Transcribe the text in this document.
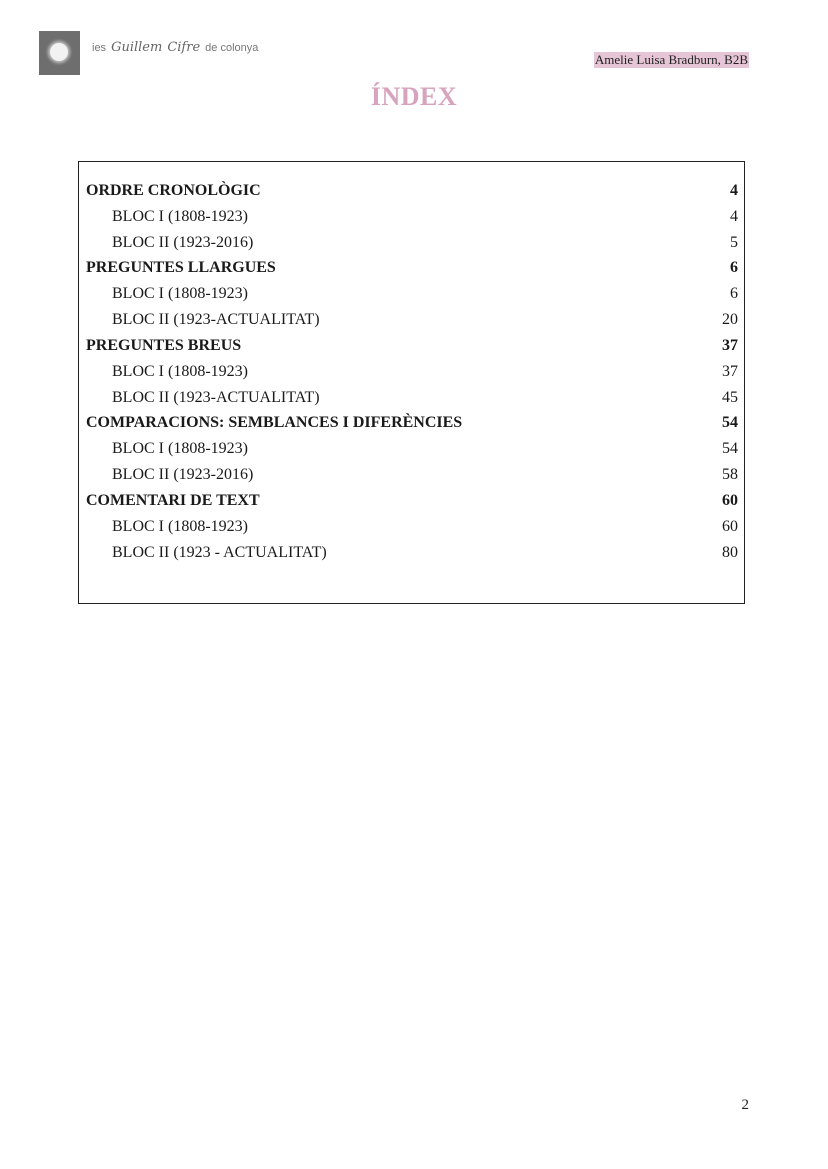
ies Guillem Cifre de colonya
Amelie Luisa Bradburn, B2B
ÍNDEX
ORDRE CRONOLÒGIC	4
BLOC I (1808-1923)	4
BLOC II (1923-2016)	5
PREGUNTES LLARGUES	6
BLOC I (1808-1923)	6
BLOC II (1923-ACTUALITAT)	20
PREGUNTES BREUS	37
BLOC I (1808-1923)	37
BLOC II (1923-ACTUALITAT)	45
COMPARACIONS: SEMBLANCES I DIFERÈNCIES	54
BLOC I (1808-1923)	54
BLOC II (1923-2016)	58
COMENTARI DE TEXT	60
BLOC I (1808-1923)	60
BLOC II (1923 - ACTUALITAT)	80
2
